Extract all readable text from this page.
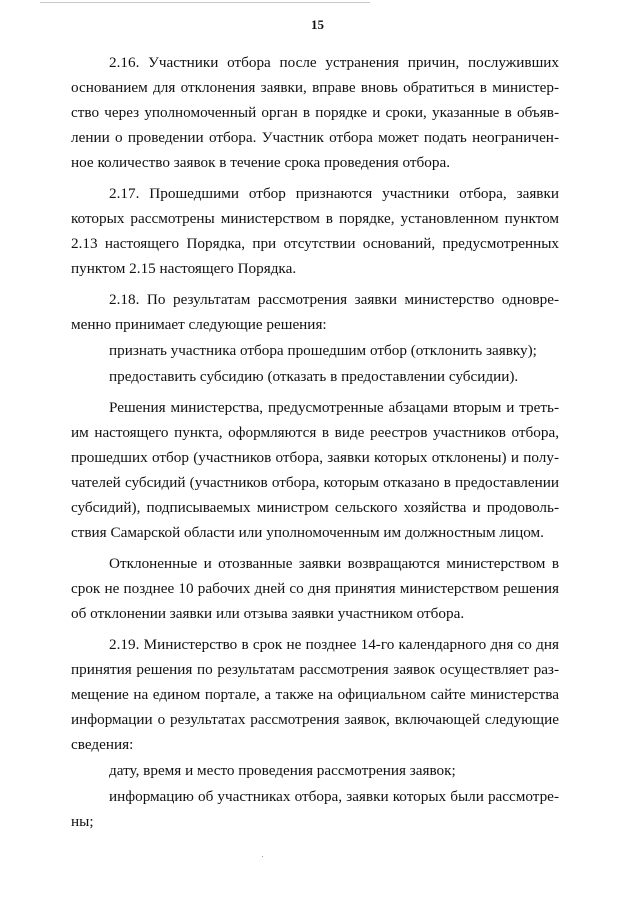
15

2.16. Участники отбора после устранения причин, послуживших основанием для отклонения заявки, вправе вновь обратиться в министерство через уполномоченный орган в порядке и сроки, указанные в объявлении о проведении отбора. Участник отбора может подать неограниченное количество заявок в течение срока проведения отбора.

2.17. Прошедшими отбор признаются участники отбора, заявки которых рассмотрены министерством в порядке, установленном пунктом 2.13 настоящего Порядка, при отсутствии оснований, предусмотренных пунктом 2.15 настоящего Порядка.

2.18. По результатам рассмотрения заявки министерство одновременно принимает следующие решения:

признать участника отбора прошедшим отбор (отклонить заявку);

предоставить субсидию (отказать в предоставлении субсидии).

Решения министерства, предусмотренные абзацами вторым и третьим настоящего пункта, оформляются в виде реестров участников отбора, прошедших отбор (участников отбора, заявки которых отклонены) и получателей субсидий (участников отбора, которым отказано в предоставлении субсидий), подписываемых министром сельского хозяйства и продовольствия Самарской области или уполномоченным им должностным лицом.

Отклоненные и отозванные заявки возвращаются министерством в срок не позднее 10 рабочих дней со дня принятия министерством решения об отклонении заявки или отзыва заявки участником отбора.

2.19. Министерство в срок не позднее 14-го календарного дня со дня принятия решения по результатам рассмотрения заявок осуществляет размещение на едином портале, а также на официальном сайте министерства информации о результатах рассмотрения заявок, включающей следующие сведения:

дату, время и место проведения рассмотрения заявок;

информацию об участниках отбора, заявки которых были рассмотрены;
